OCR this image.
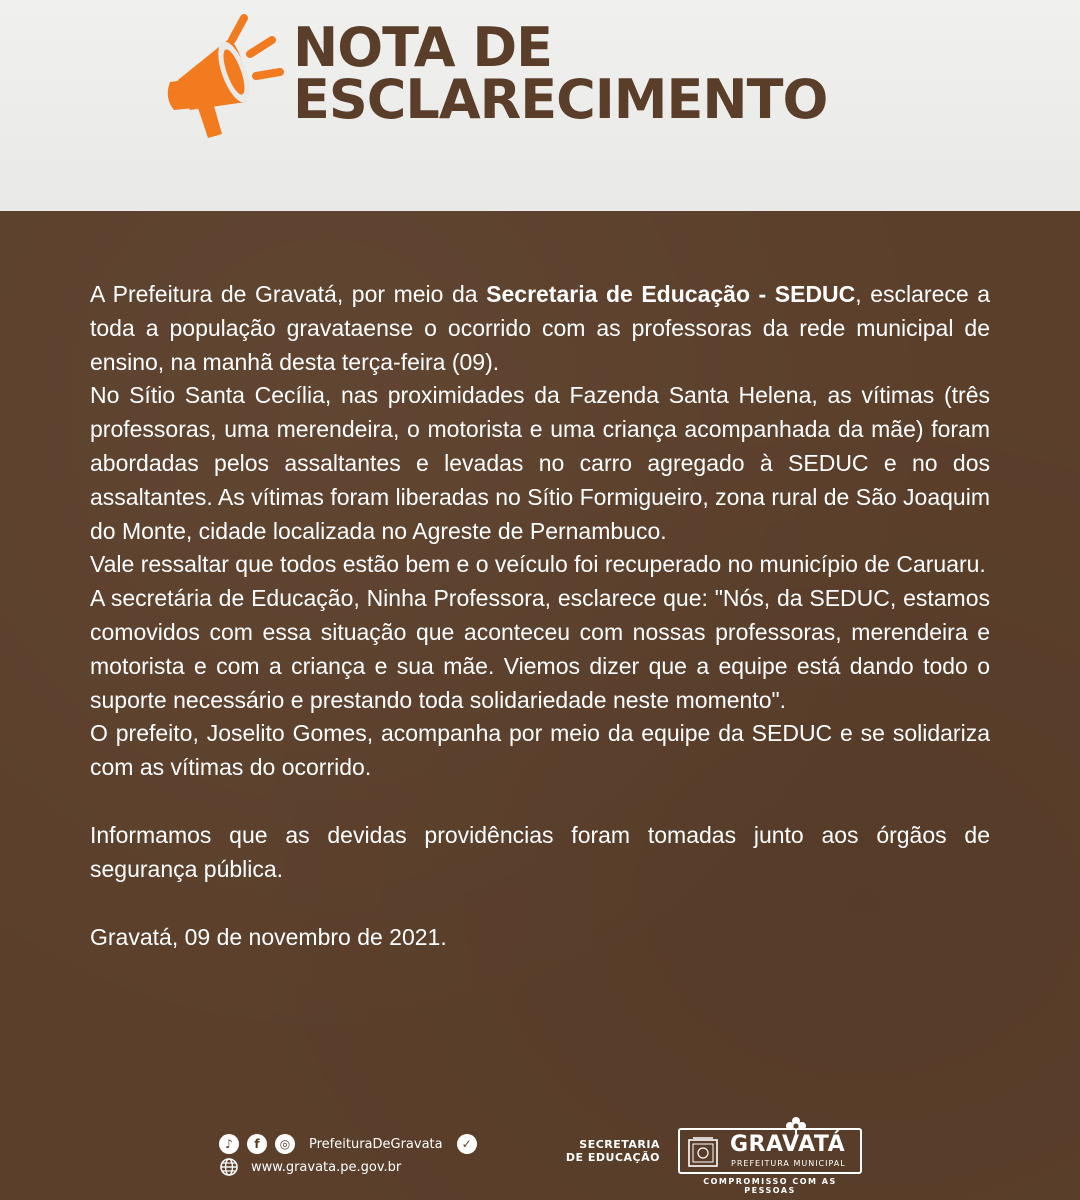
NOTA DE
ESCLARECIMENTO

A Prefeitura de Gravatá, por meio da Secretaria de Educação - SEDUC, esclarece a toda a população gravataense o ocorrido com as professoras da rede municipal de ensino, na manhã desta terça-feira (09).

No Sítio Santa Cecília, nas proximidades da Fazenda Santa Helena, as vítimas (três professoras, uma merendeira, o motorista e uma criança acompanhada da mãe) foram abordadas pelos assaltantes e levadas no carro agregado à SEDUC e no dos assaltantes. As vítimas foram liberadas no Sítio Formigueiro, zona rural de São Joaquim do Monte, cidade localizada no Agreste de Pernambuco.

Vale ressaltar que todos estão bem e o veículo foi recuperado no município de Caruaru.

A secretária de Educação, Ninha Professora, esclarece que: "Nós, da SEDUC, estamos comovidos com essa situação que aconteceu com nossas professoras, merendeira e motorista e com a criança e sua mãe. Viemos dizer que a equipe está dando todo o suporte necessário e prestando toda solidariedade neste momento".

O prefeito, Joselito Gomes, acompanha por meio da equipe da SEDUC e se solidariza com as vítimas do ocorrido.

Informamos que as devidas providências foram tomadas junto aos órgãos de segurança pública.

Gravatá, 09 de novembro de 2021.

♪	f	◎	PrefeituraDeGravata	✓
www.gravata.pe.gov.br
SECRETARIA
DE EDUCAÇÃO
GRAVATÁ
PREFEITURA MUNICIPAL
COMPROMISSO COM AS PESSOAS
